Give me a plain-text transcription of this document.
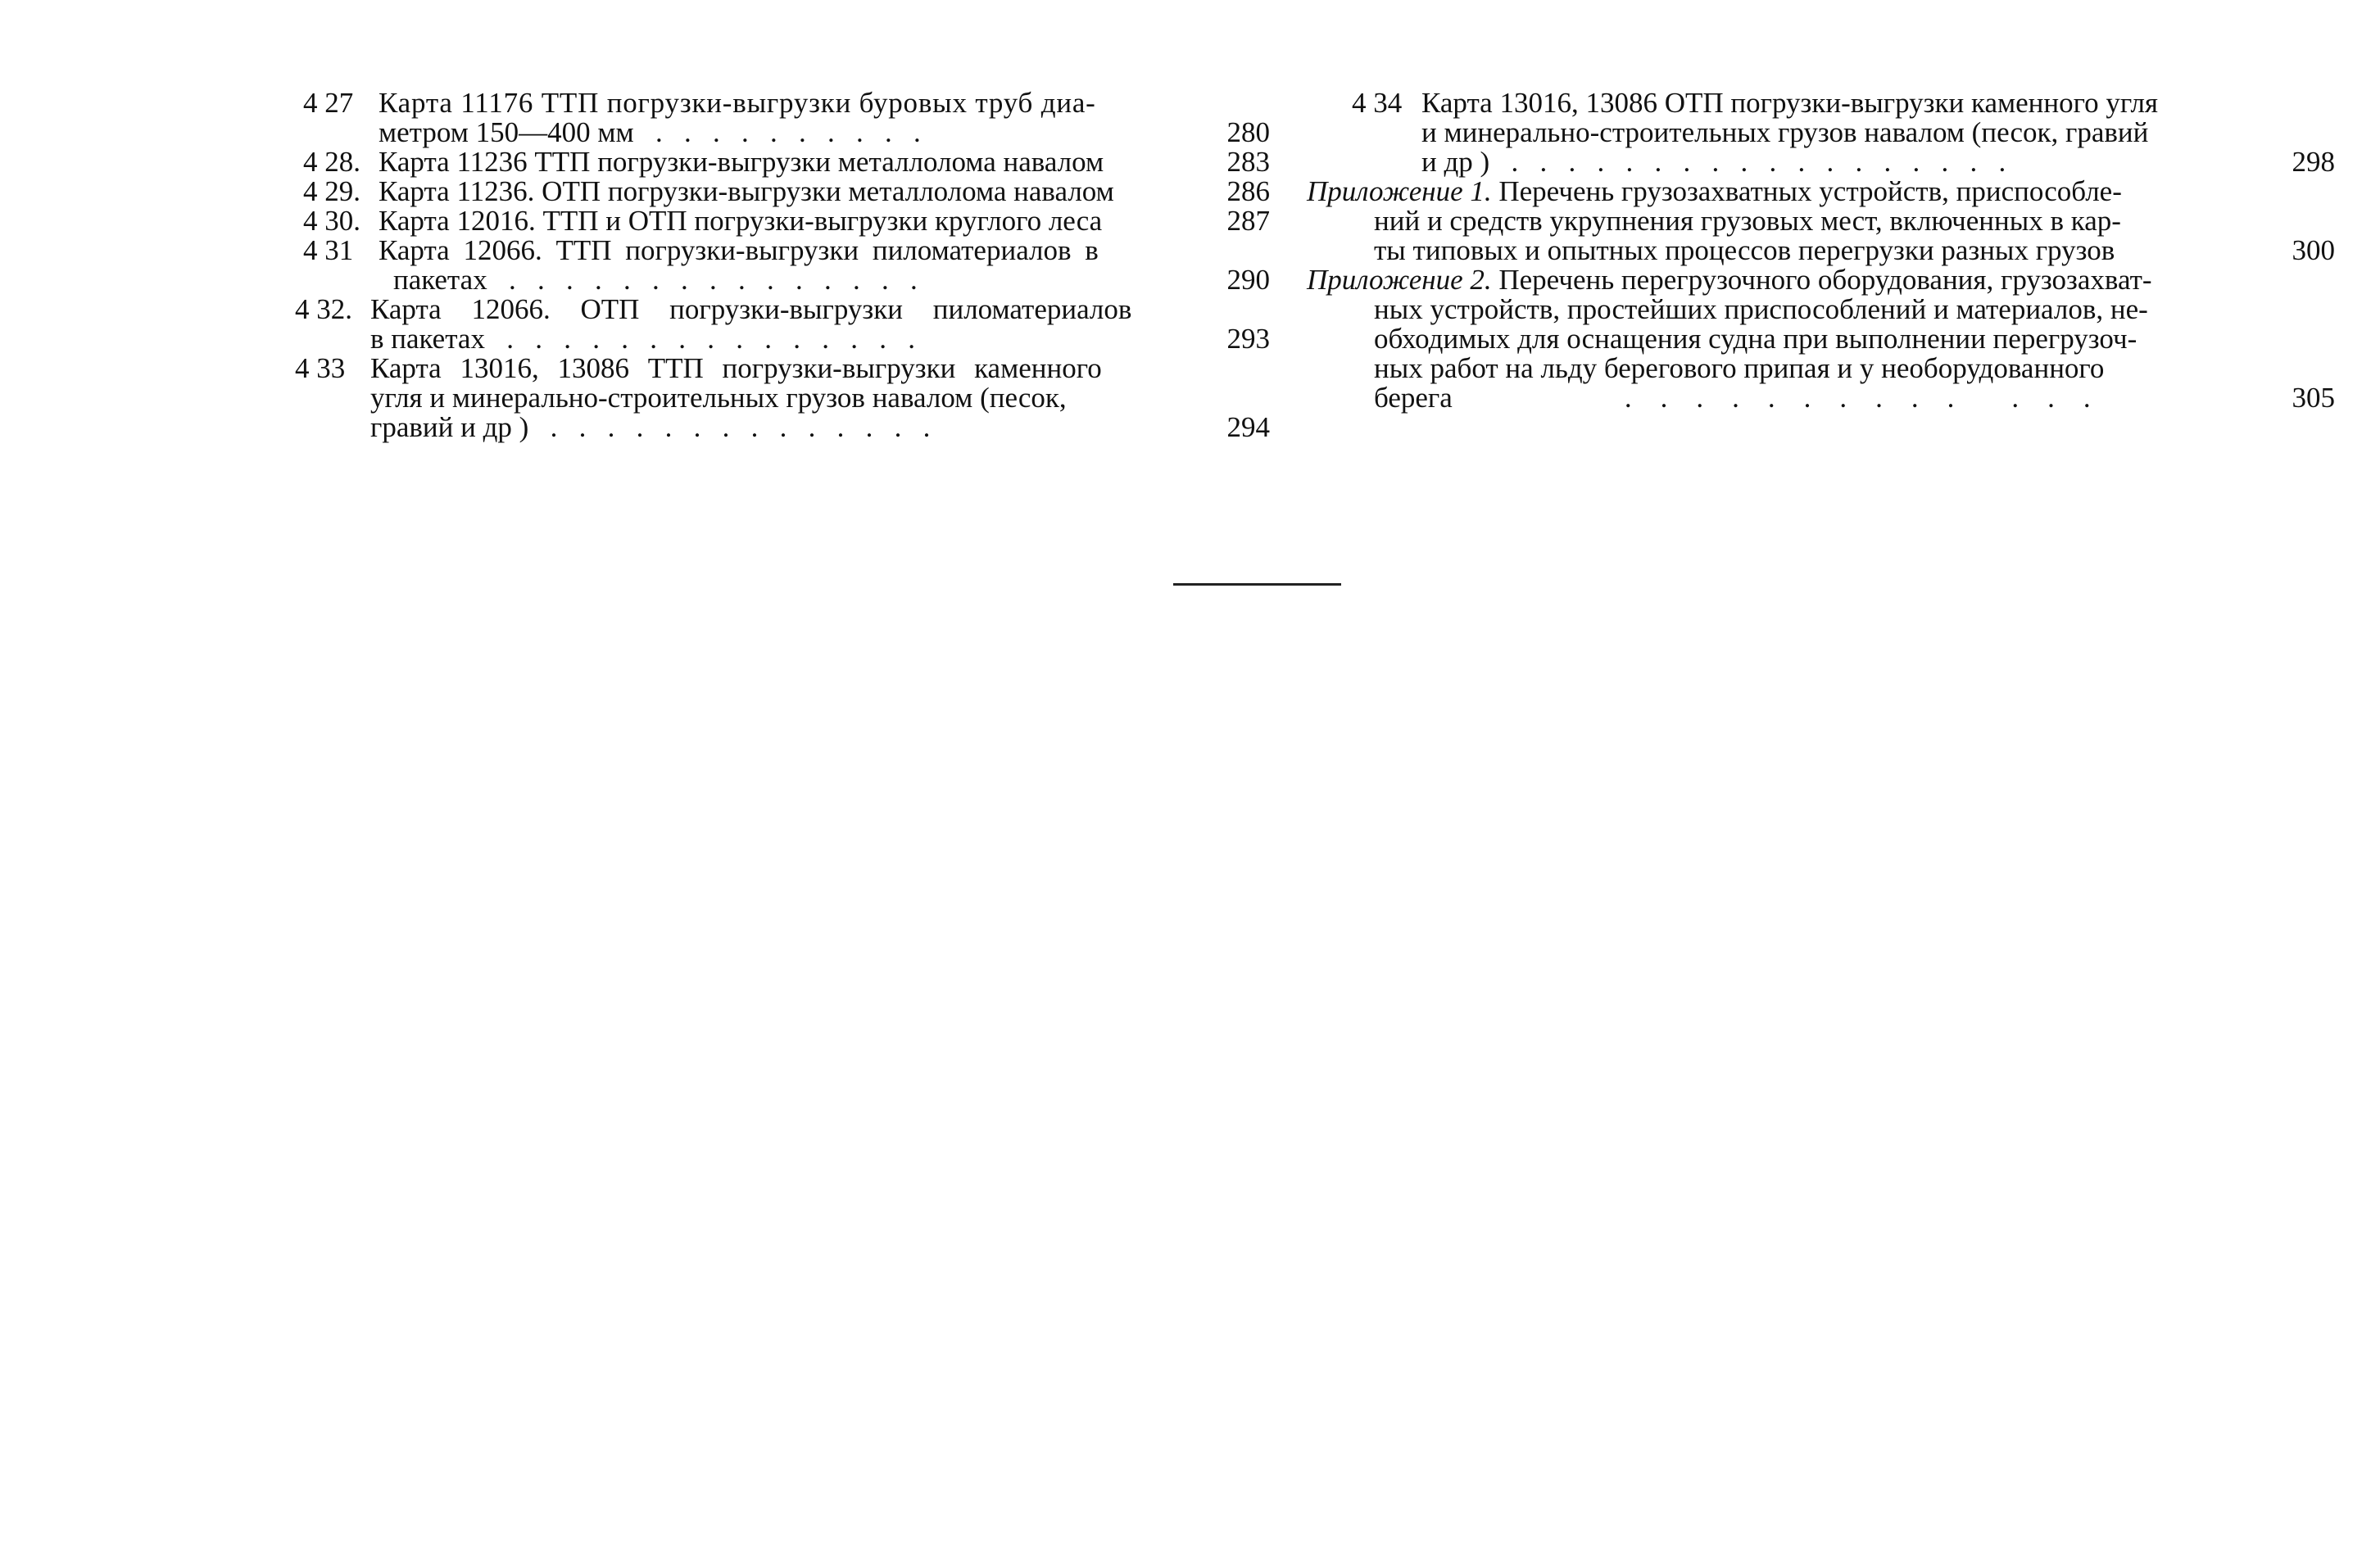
4 27 Карта 11176 ТТП погрузки-выгрузки буровых труб диа-
метром 150—400 мм   .   .   .   .   .   .   .   .   .   .	280
4 28. Карта 11236 ТТП погрузки-выгрузки металлолома навалом	283
4 29. Карта 11236. ОТП погрузки-выгрузки металлолома навалом	286
4 30. Карта 12016. ТТП и ОТП погрузки-выгрузки круглого леса	287
4 31 Карта 12066. ТТП погрузки-выгрузки пиломатериалов в
пакетах   .   .   .   .   .   .   .   .   .   .   .   .   .   .   .	290
4 32. Карта 12066. ОТП погрузки-выгрузки пиломатериалов
в пакетах   .   .   .   .   .   .   .   .   .   .   .   .   .   .   .	293
4 33 Карта 13016, 13086 ТТП погрузки-выгрузки каменного
угля и минерально-строительных грузов навалом (песок,
гравий и др )   .   .   .   .   .   .   .   .   .   .   .   .   .   .	294
4 34 Карта 13016, 13086 ОТП погрузки-выгрузки каменного угля
и минерально-строительных грузов навалом (песок, гравий
и др )   .   .   .   .   .   .   .   .   .   .   .   .   .   .   .   .   .   .	298
Приложение 1. Перечень грузозахватных устройств, приспособле-
ний и средств укрупнения грузовых мест, включенных в кар-
ты типовых и опытных процессов перегрузки разных грузов	300
Приложение 2. Перечень перегрузочного оборудования, грузозахват-
ных устройств, простейших приспособлений и материалов, не-
обходимых для оснащения судна при выполнении перегрузоч-
ных работ на льду берегового припая и у необорудованного
берега                        .    .    .    .    .    .    .    .    .    .        .    .    .	305
